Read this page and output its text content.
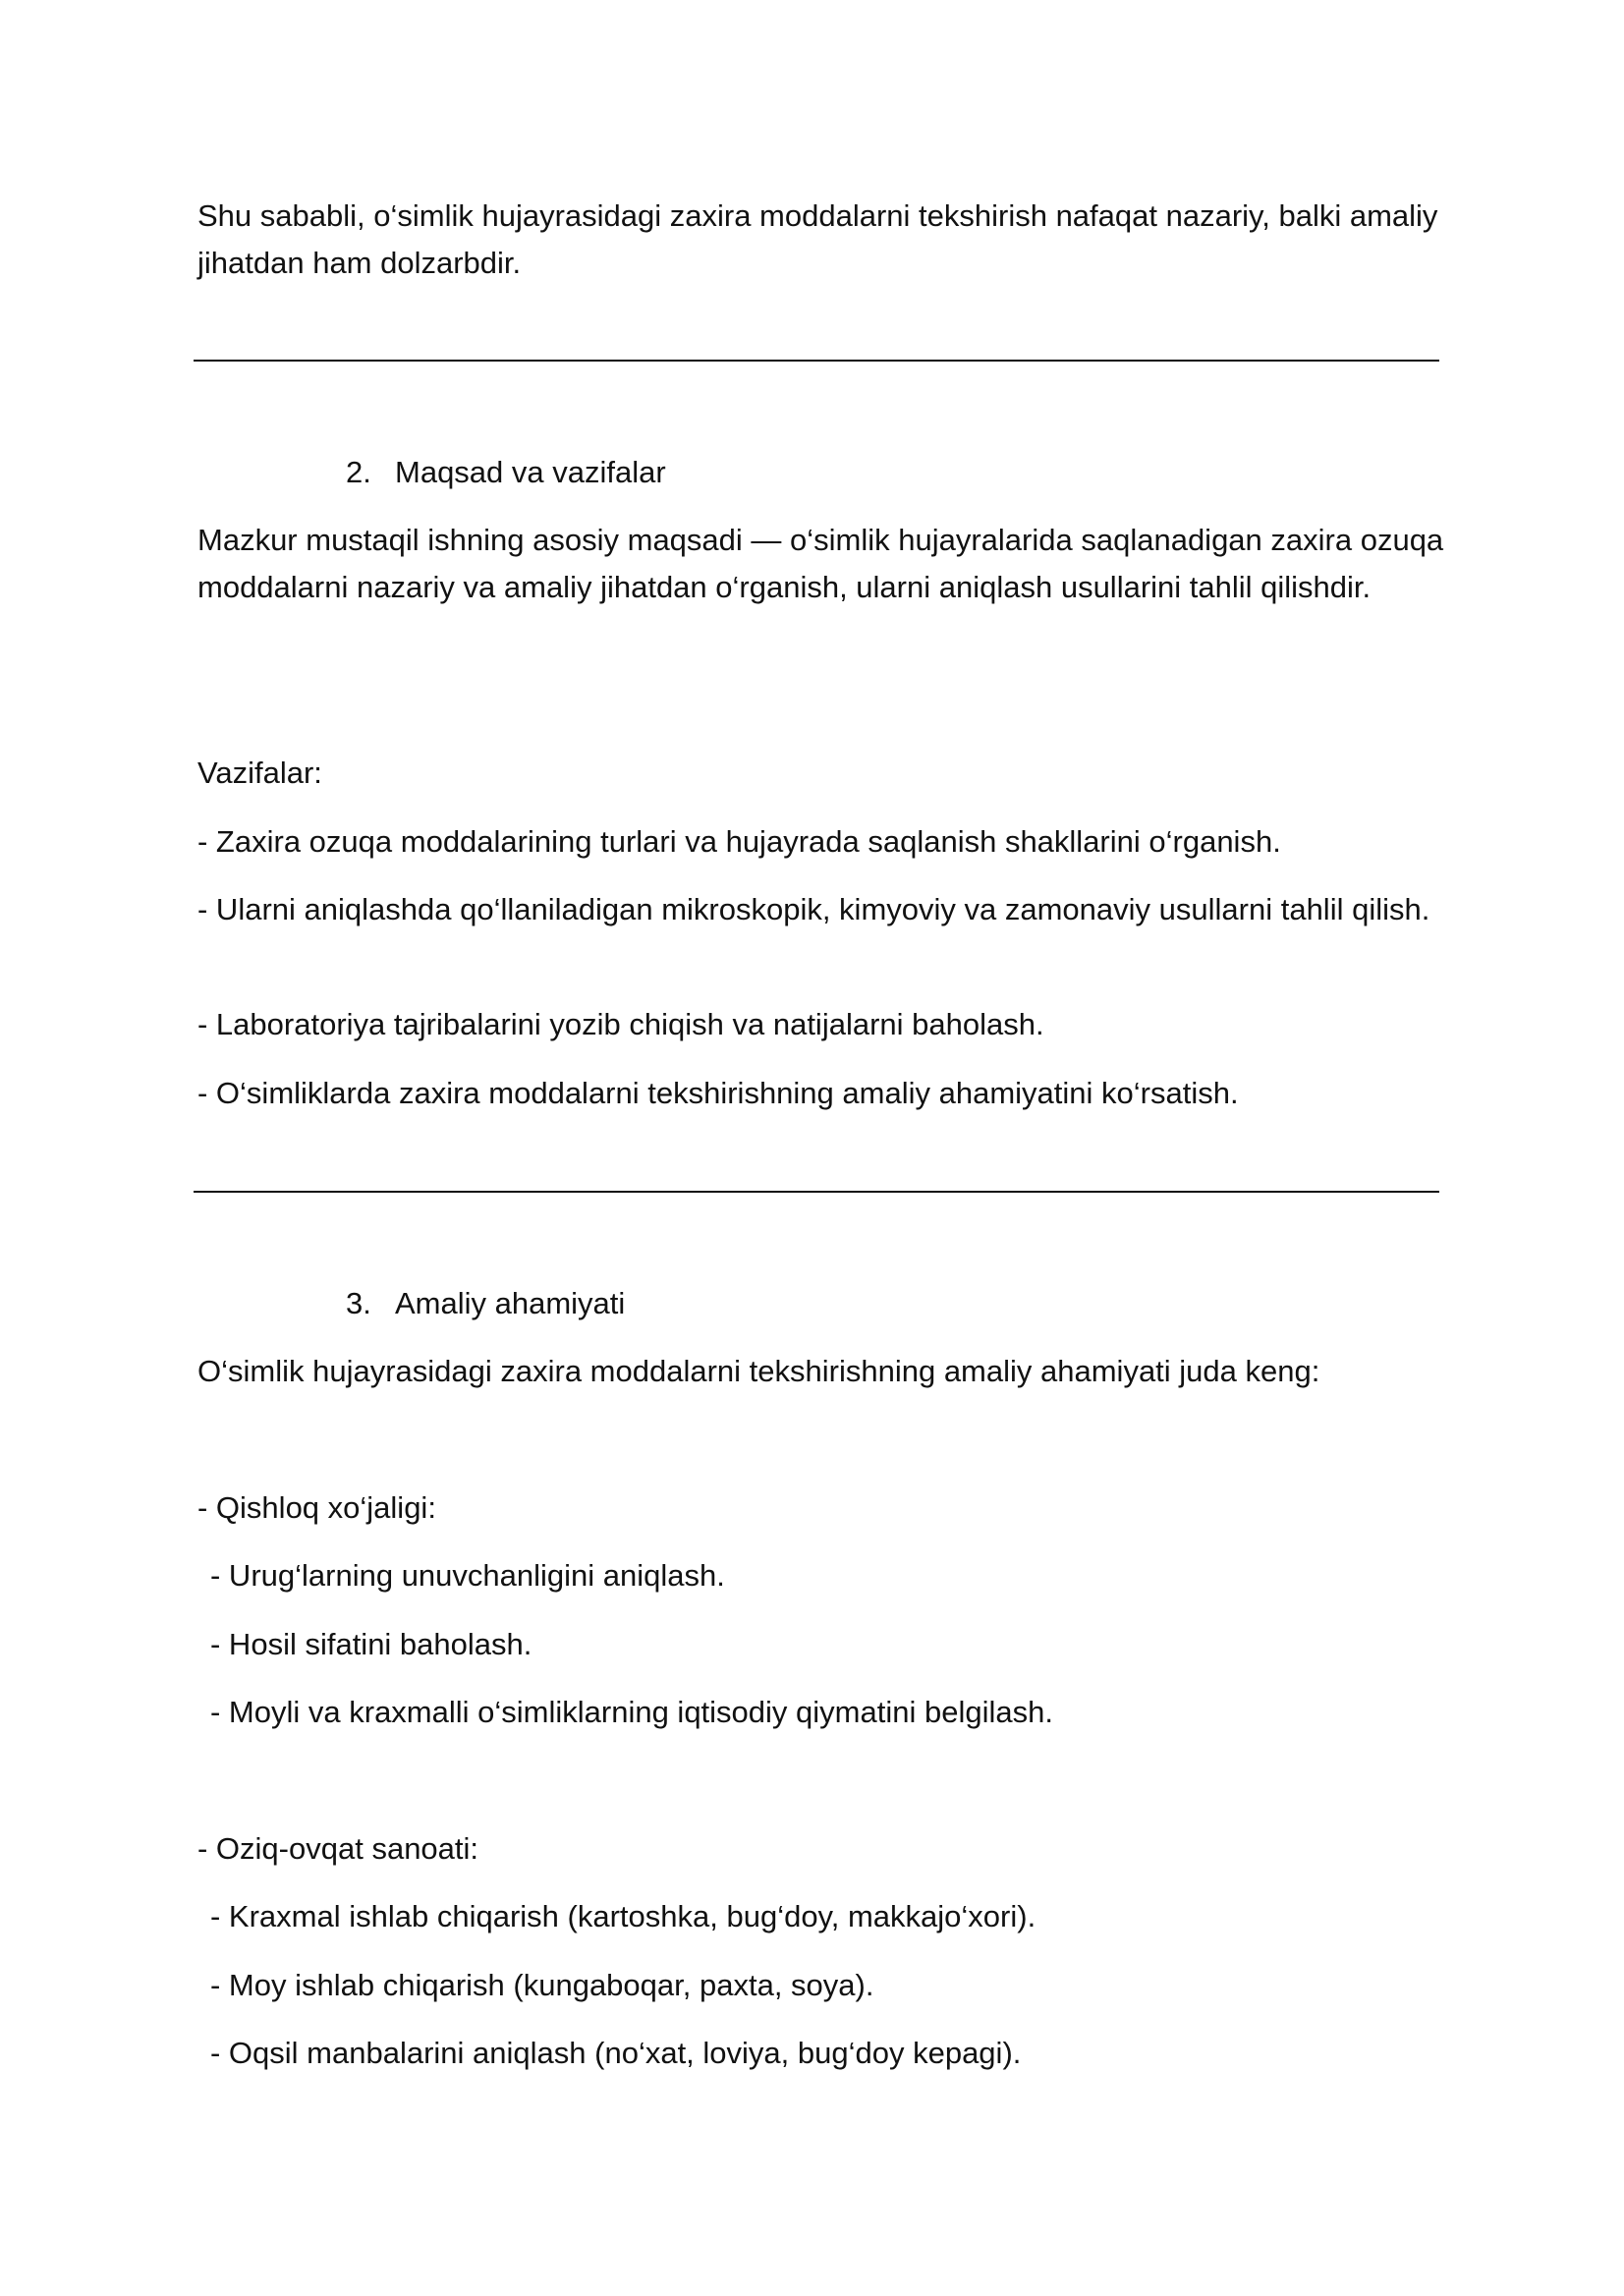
Shu sababli, o‘simlik hujayrasidagi zaxira moddalarni tekshirish nafaqat nazariy, balki amaliy jihatdan ham dolzarbdir.

2. Maqsad va vazifalar

Mazkur mustaqil ishning asosiy maqsadi — o‘simlik hujayralarida saqlanadigan zaxira ozuqa moddalarni nazariy va amaliy jihatdan o‘rganish, ularni aniqlash usullarini tahlil qilishdir.

Vazifalar:

- Zaxira ozuqa moddalarining turlari va hujayrada saqlanish shakllarini o‘rganish.

- Ularni aniqlashda qo‘llaniladigan mikroskopik, kimyoviy va zamonaviy usullarni tahlil qilish.

- Laboratoriya tajribalarini yozib chiqish va natijalarni baholash.

- O‘simliklarda zaxira moddalarni tekshirishning amaliy ahamiyatini ko‘rsatish.

3. Amaliy ahamiyati

O‘simlik hujayrasidagi zaxira moddalarni tekshirishning amaliy ahamiyati juda keng:

- Qishloq xo‘jaligi:

- Urug‘larning unuvchanligini aniqlash.

- Hosil sifatini baholash.

- Moyli va kraxmalli o‘simliklarning iqtisodiy qiymatini belgilash.

- Oziq-ovqat sanoati:

- Kraxmal ishlab chiqarish (kartoshka, bug‘doy, makkajo‘xori).

- Moy ishlab chiqarish (kungaboqar, paxta, soya).

- Oqsil manbalarini aniqlash (no‘xat, loviya, bug‘doy kepagi).
